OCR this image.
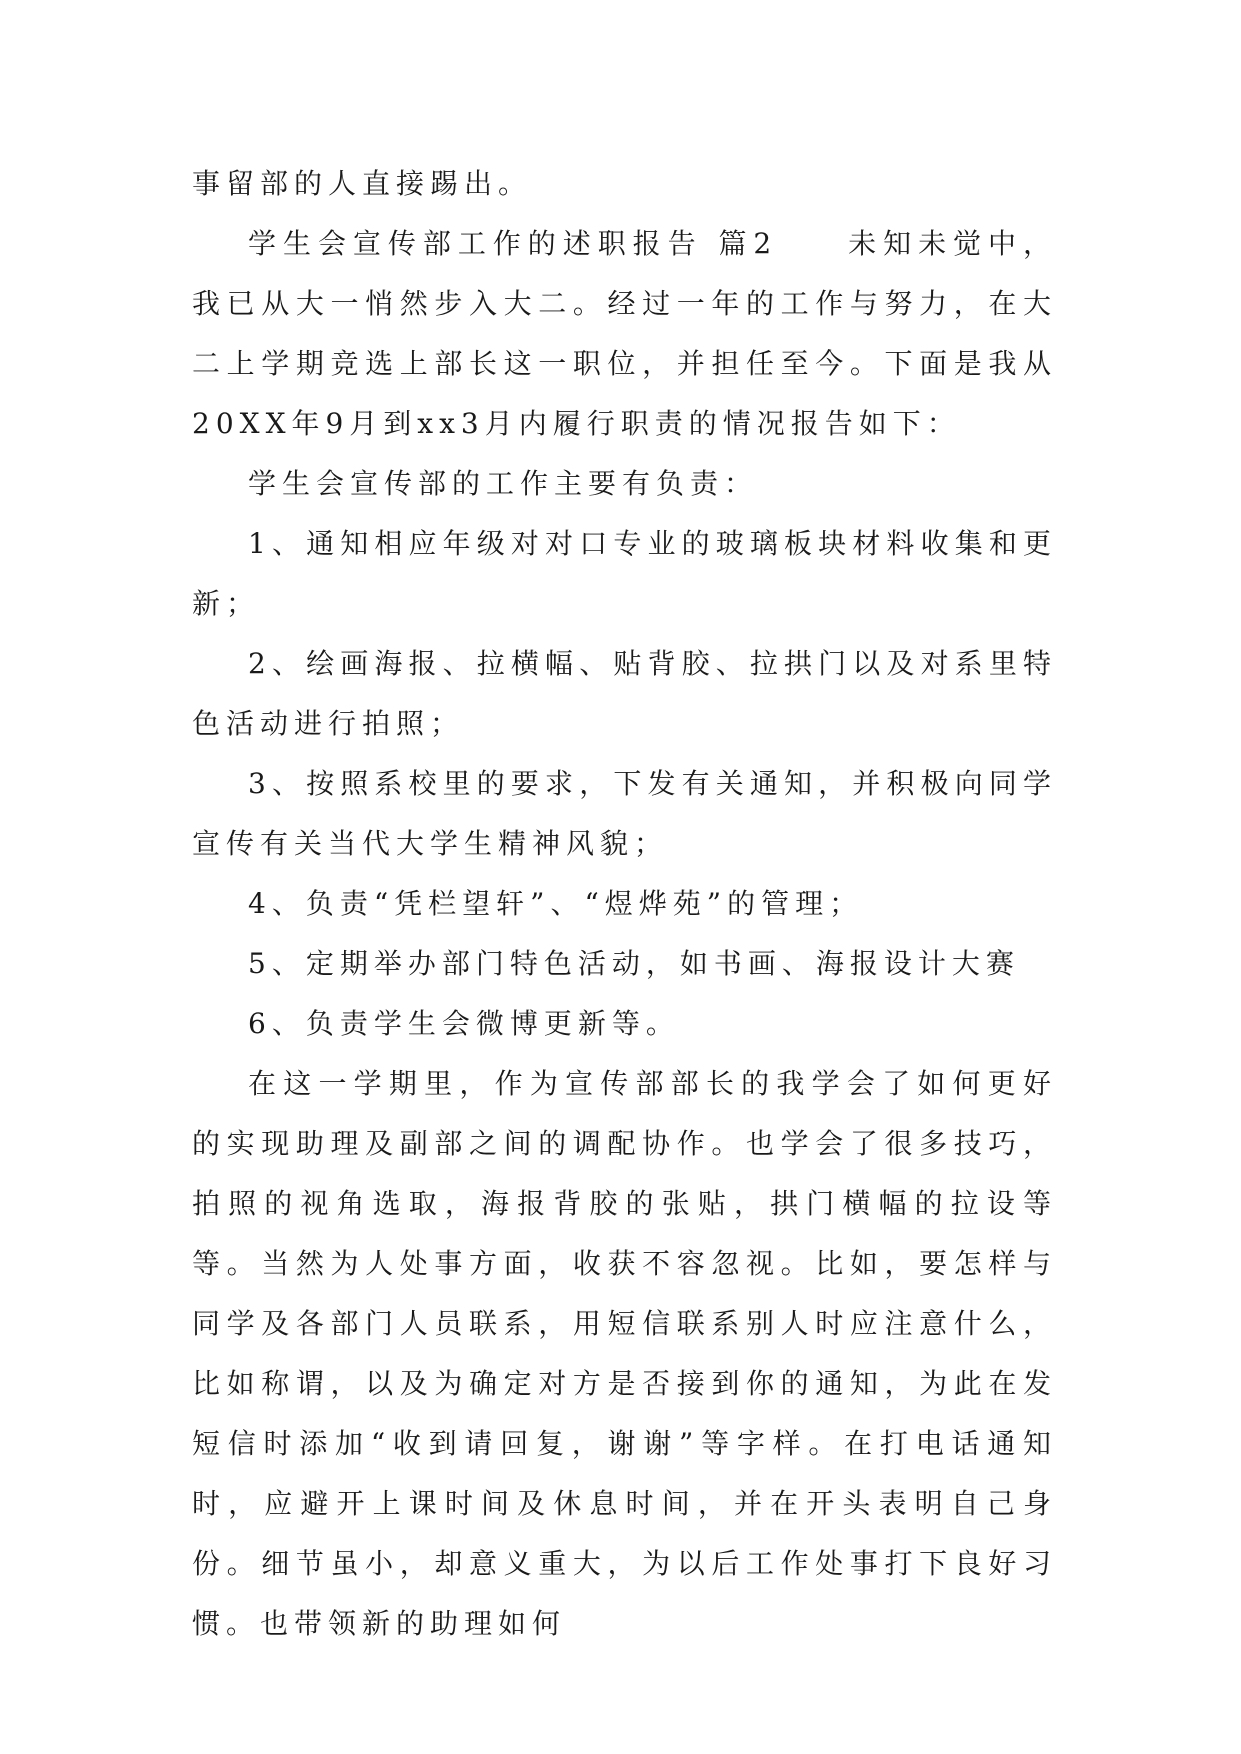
事留部的人直接踢出。

学生会宣传部工作的述职报告 篇2　　未知未觉中，我已从大一悄然步入大二。经过一年的工作与努力，在大二上学期竞选上部长这一职位，并担任至今。下面是我从20XX年9月到xx3月内履行职责的情况报告如下：

学生会宣传部的工作主要有负责：

1、通知相应年级对对口专业的玻璃板块材料收集和更新；

2、绘画海报、拉横幅、贴背胶、拉拱门以及对系里特色活动进行拍照；

3、按照系校里的要求，下发有关通知，并积极向同学宣传有关当代大学生精神风貌；

4、负责“凭栏望轩”、“煜烨苑”的管理；

5、定期举办部门特色活动，如书画、海报设计大赛

6、负责学生会微博更新等。

在这一学期里，作为宣传部部长的我学会了如何更好的实现助理及副部之间的调配协作。也学会了很多技巧，拍照的视角选取，海报背胶的张贴，拱门横幅的拉设等等。当然为人处事方面，收获不容忽视。比如，要怎样与同学及各部门人员联系，用短信联系别人时应注意什么，比如称谓，以及为确定对方是否接到你的通知，为此在发短信时添加“收到请回复，谢谢”等字样。在打电话通知时，应避开上课时间及休息时间，并在开头表明自己身份。细节虽小，却意义重大，为以后工作处事打下良好习惯。也带领新的助理如何
